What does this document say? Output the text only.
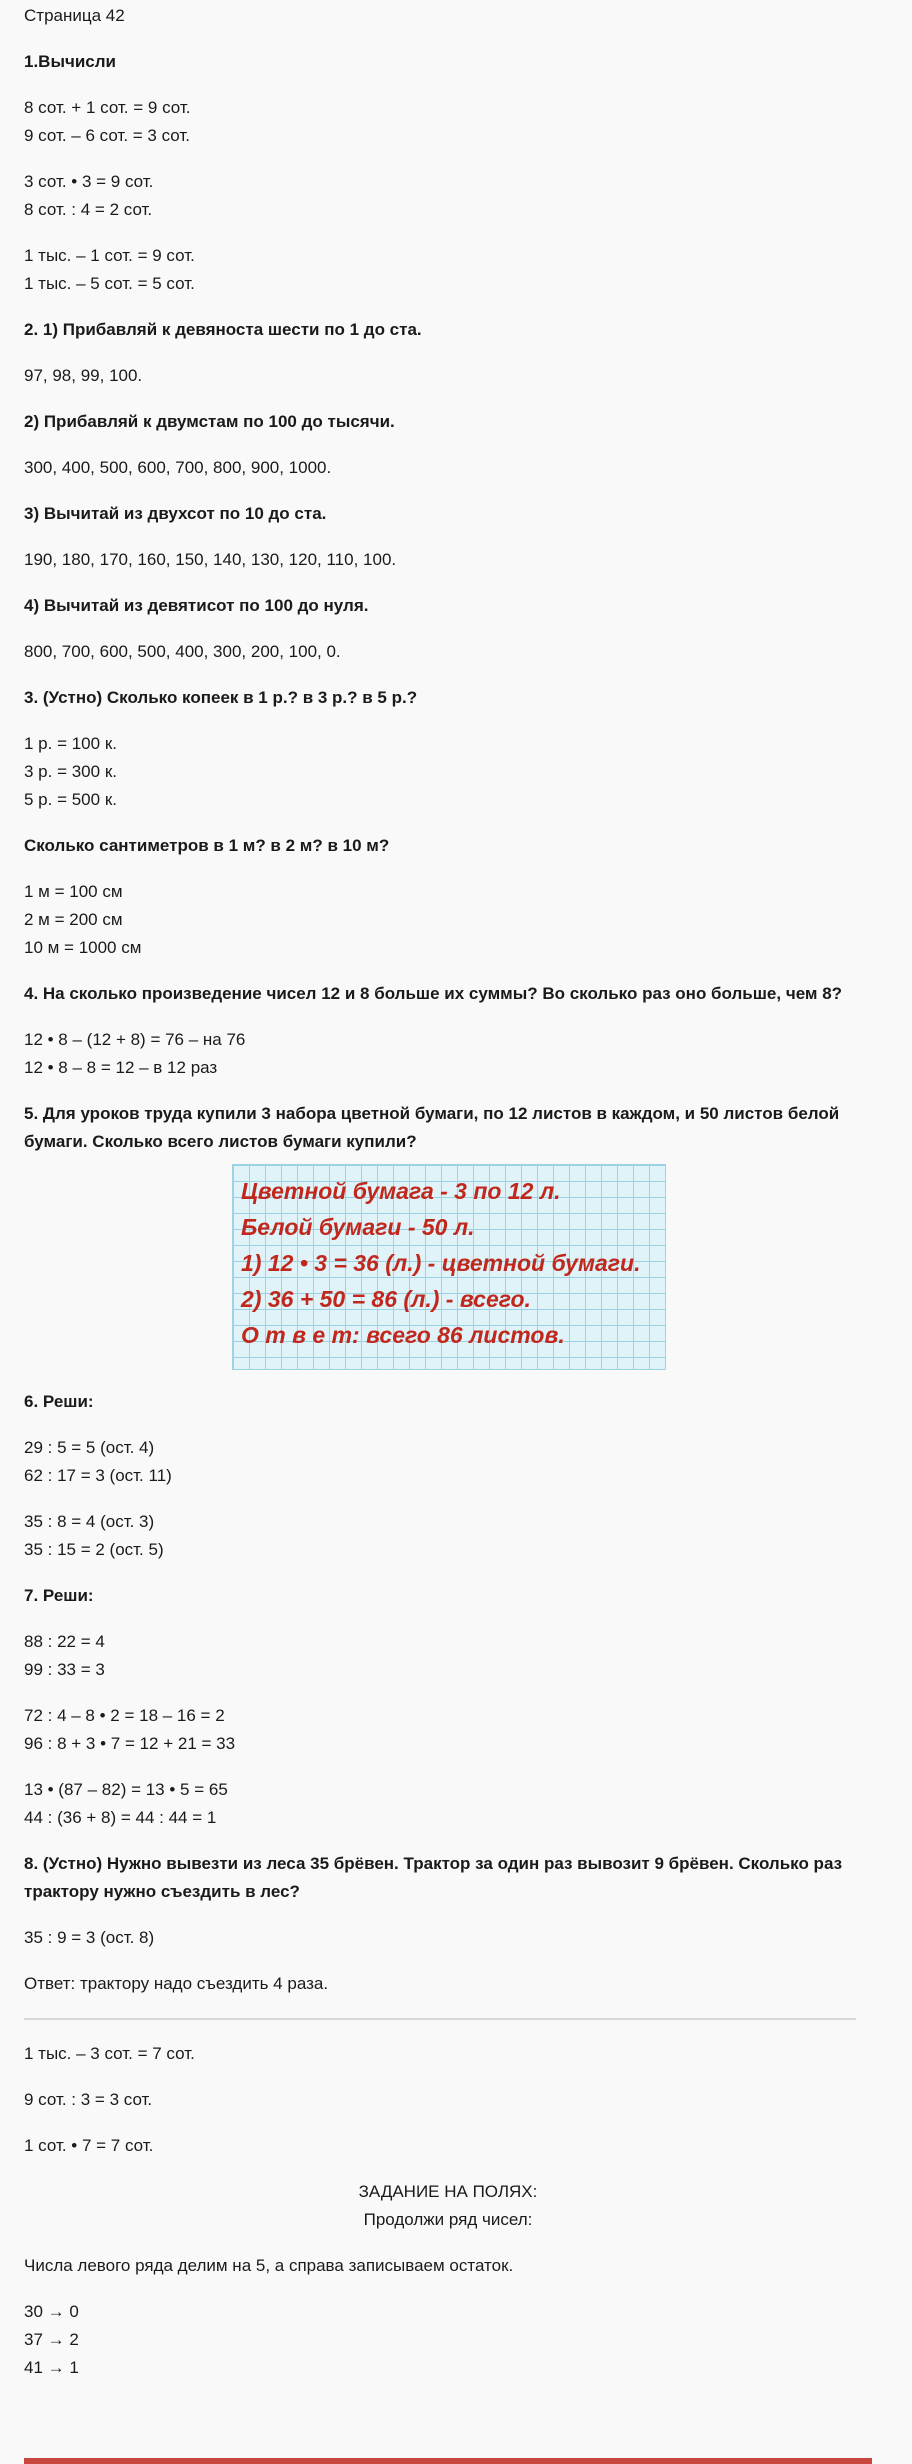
Страница 42

1.Вычисли

8 сот. + 1 сот. = 9 сот.

9 сот. – 6 сот. = 3 сот.

3 сот. • 3 = 9 сот.

8 сот. : 4 = 2 сот.

1 тыс. – 1 сот. = 9 сот.

1 тыс. – 5 сот. = 5 сот.

2. 1) Прибавляй к девяноста шести по 1 до ста.

97, 98, 99, 100.

2) Прибавляй к двумстам по 100 до тысячи.

300, 400, 500, 600, 700, 800, 900, 1000.

3) Вычитай из двухсот по 10 до ста.

190, 180, 170, 160, 150, 140, 130, 120, 110, 100.

4) Вычитай из девятисот по 100 до нуля.

800, 700, 600, 500, 400, 300, 200, 100, 0.

3. (Устно) Сколько копеек в 1 р.? в 3 р.? в 5 р.?

1 р. = 100 к.

3 р. = 300 к.

5 р. = 500 к.

Сколько сантиметров в 1 м? в 2 м? в 10 м?

1 м = 100 см

2 м = 200 см

10 м = 1000 см

4. На сколько произведение чисел 12 и 8 больше их суммы? Во сколько раз оно больше, чем 8?

12 • 8 – (12 + 8) = 76 – на 76

12 • 8 – 8 = 12 – в 12 раз

5. Для уроков труда купили 3 набора цветной бумаги, по 12 листов в каждом, и 50 листов белой бумаги. Сколько всего листов бумаги купили?

Цветной бумага - 3 по 12 л.

Белой бумаги - 50 л.

1) 12 • 3 = 36 (л.) - цветной бумаги.

2) 36 + 50 = 86 (л.) - всего.

О т в е т: всего 86 листов.

6. Реши:

29 : 5 = 5 (ост. 4)

62 : 17 = 3 (ост. 11)

35 : 8 = 4 (ост. 3)

35 : 15 = 2 (ост. 5)

7. Реши:

88 : 22 = 4

99 : 33 = 3

72 : 4 – 8 • 2 = 18 – 16 = 2

96 : 8 + 3 • 7 = 12 + 21 = 33

13 • (87 – 82) = 13 • 5 = 65

44 : (36 + 8) = 44 : 44 = 1

8. (Устно) Нужно вывезти из леса 35 брёвен. Трактор за один раз вывозит 9 брёвен. Сколько раз трактору нужно съездить в лес?

35 : 9 = 3 (ост. 8)

Ответ: трактору надо съездить 4 раза.

1 тыс. – 3 сот. = 7 сот.

9 сот. : 3 = 3 сот.

1 сот. • 7 = 7 сот.

ЗАДАНИЕ НА ПОЛЯХ:

Продолжи ряд чисел:

Числа левого ряда делим на 5, а справа записываем остаток.

30 → 0

37 → 2

41 → 1
